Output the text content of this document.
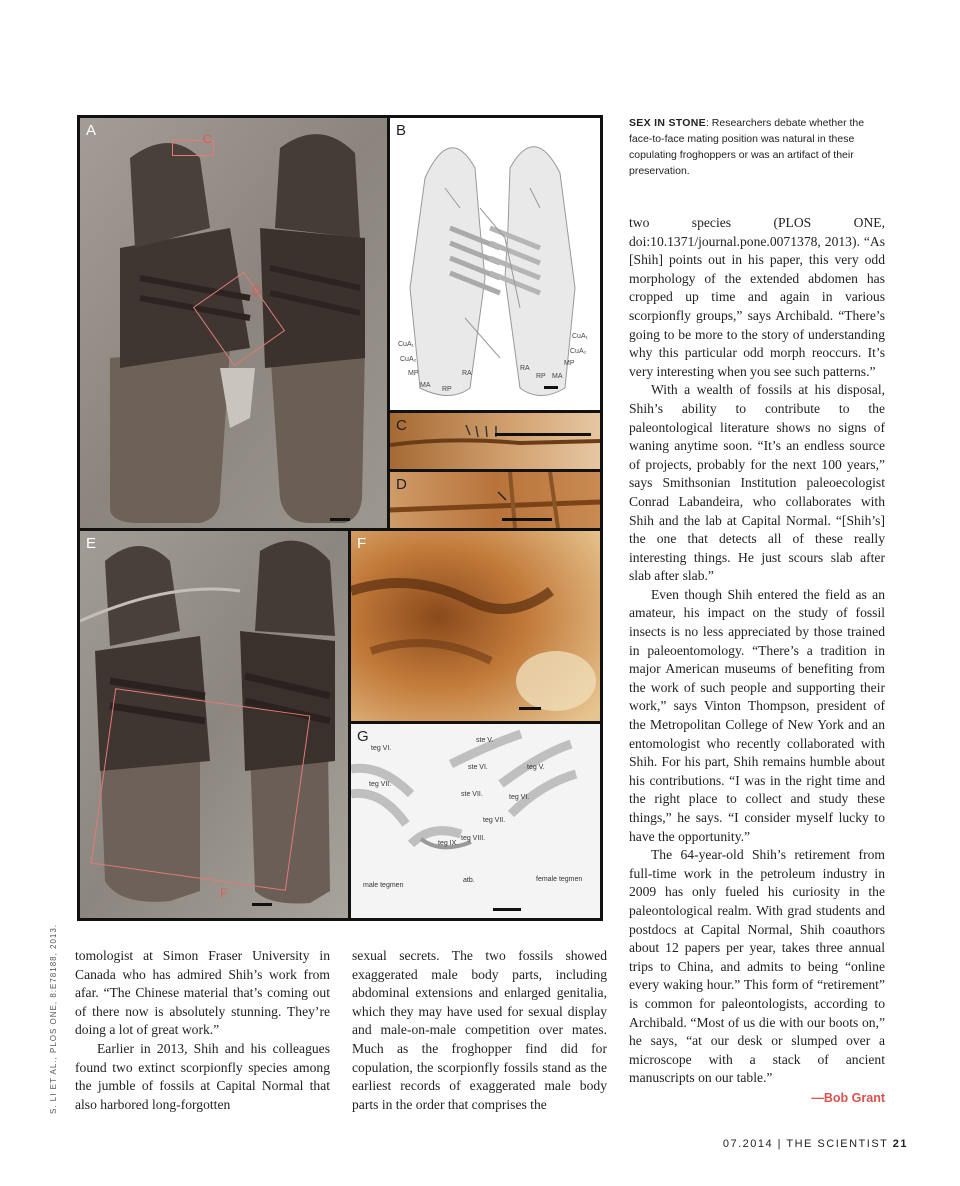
C
D
A
CuA₁
CuA₂
MP
MA
RP
RA
CuA₁
CuA₂
MP
RA
RP MA
B
C
D
F
E	F
teg VI.
teg VII.
ste V.
ste VI.	teg V.
ste VII.	teg VI.
teg VII.
teg IX.
teg VIII.
atb.
male tegmen
female tegmen
G
SEX IN STONE: Researchers debate whether the face-to-face mating position was natural in these copulating froghoppers or was an artifact of their preservation.
S. LI ET AL., PLOS ONE, 8:E78188, 2013. tomologist at Simon Fraser University in Canada who has admired Shih’s work from afar. “The Chinese material that’s coming out of there now is absolutely stunning. They’re doing a lot of great work.”

Earlier in 2013, Shih and his colleagues found two extinct scorpionfly species among the jumble of fossils at Capital Normal that also harbored long-forgotten

sexual secrets. The two fossils showed exaggerated male body parts, including abdominal extensions and enlarged genitalia, which they may have used for sexual display and male-on-male competition over mates. Much as the froghopper find did for copulation, the scorpionfly fossils stand as the earliest records of exaggerated male body parts in the order that comprises the

two species (PLOS ONE, doi:10.1371/journal.pone.0071378, 2013). “As [Shih] points out in his paper, this very odd morphology of the extended abdomen has cropped up time and again in various scorpionfly groups,” says Archibald. “There’s going to be more to the story of understanding why this particular odd morph reoccurs. It’s very interesting when you see such patterns.”

With a wealth of fossils at his disposal, Shih’s ability to contribute to the paleontological literature shows no signs of waning anytime soon. “It’s an endless source of projects, probably for the next 100 years,” says Smithsonian Institution paleoecologist Conrad Labandeira, who collaborates with Shih and the lab at Capital Normal. “[Shih’s] the one that detects all of these really interesting things. He just scours slab after slab after slab.”

Even though Shih entered the field as an amateur, his impact on the study of fossil insects is no less appreciated by those trained in paleoentomology. “There’s a tradition in major American museums of benefiting from the work of such people and supporting their work,” says Vinton Thompson, president of the Metropolitan College of New York and an entomologist who recently collaborated with Shih. For his part, Shih remains humble about his contributions. “I was in the right time and the right place to collect and study these things,” he says. “I consider myself lucky to have the opportunity.”

The 64-year-old Shih’s retirement from full-time work in the petroleum industry in 2009 has only fueled his curiosity in the paleontological realm. With grad students and postdocs at Capital Normal, Shih coauthors about 12 papers per year, takes three annual trips to China, and admits to being “online every waking hour.” This form of “retirement” is common for paleontologists, according to Archibald. “Most of us die with our boots on,” he says, “at our desk or slumped over a microscope with a stack of ancient manuscripts on our table.”

—Bob Grant
07.2014 | THE SCIENTIST 21
